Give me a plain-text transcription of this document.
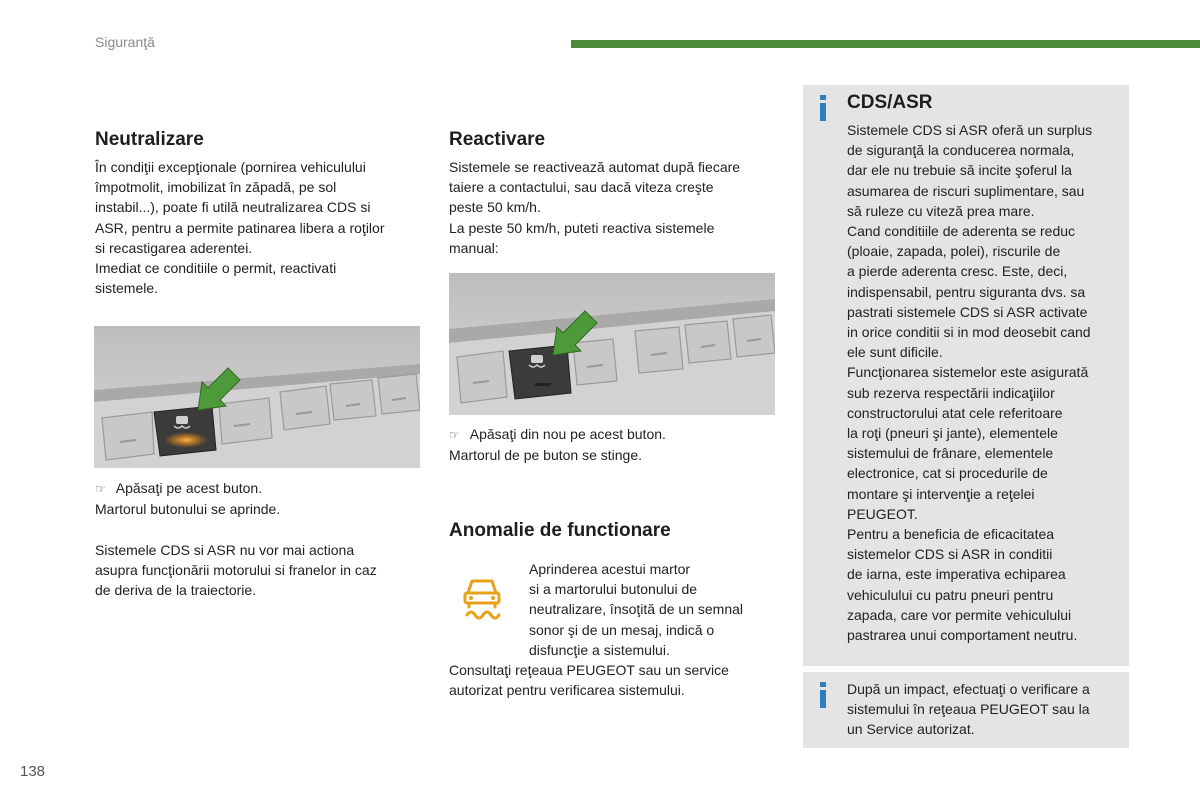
Siguranţă
Neutralizare

În condiţii excepţionale (pornirea vehiculului

împotmolit, imobilizat în zăpadă, pe sol

instabil...), poate fi utilă neutralizarea CDS si

ASR, pentru a permite patinarea libera a roţilor

si recastigarea aderentei.

Imediat ce conditiile o permit, reactivati

sistemele.

☞ Apăsaţi pe acest buton.

Martorul butonului se aprinde.

Sistemele CDS si ASR nu vor mai actiona

asupra funcţionării motorului si franelor in caz

de deriva de la traiectorie.

Reactivare

Sistemele se reactivează automat după fiecare

taiere a contactului, sau dacă viteza creşte

peste 50 km/h.

La peste 50 km/h, puteti reactiva sistemele

manual:

☞ Apăsaţi din nou pe acest buton.

Martorul de pe buton se stinge.

Anomalie de functionare

Aprinderea acestui martor

si a martorului butonului de

neutralizare, însoţită de un semnal

sonor şi de un mesaj, indică o

disfuncţie a sistemului.

Consultaţi reţeaua PEUGEOT sau un service

autorizat pentru verificarea sistemului.

CDS/ASR

Sistemele CDS si ASR oferă un surplus

de siguranţă la conducerea normala,

dar ele nu trebuie să incite şoferul la

asumarea de riscuri suplimentare, sau

să ruleze cu viteză prea mare.

Cand conditiile de aderenta se reduc

(ploaie, zapada, polei), riscurile de

a pierde aderenta cresc. Este, deci,

indispensabil, pentru siguranta dvs. sa

pastrati sistemele CDS si ASR activate

in orice conditii si in mod deosebit cand

ele sunt dificile.

Funcţionarea sistemelor este asigurată

sub rezerva respectării indicaţiilor

constructorului atat cele referitoare

la roţi (pneuri şi jante), elementele

sistemului de frânare, elementele

electronice, cat si procedurile de

montare şi intervenţie a reţelei

PEUGEOT.

Pentru a beneficia de eficacitatea

sistemelor CDS si ASR in conditii

de iarna, este imperativa echiparea

vehiculului cu patru pneuri pentru

zapada, care vor permite vehiculului

pastrarea unui comportament neutru.

După un impact, efectuaţi o verificare a

sistemului în reţeaua PEUGEOT sau la

un Service autorizat.

138
